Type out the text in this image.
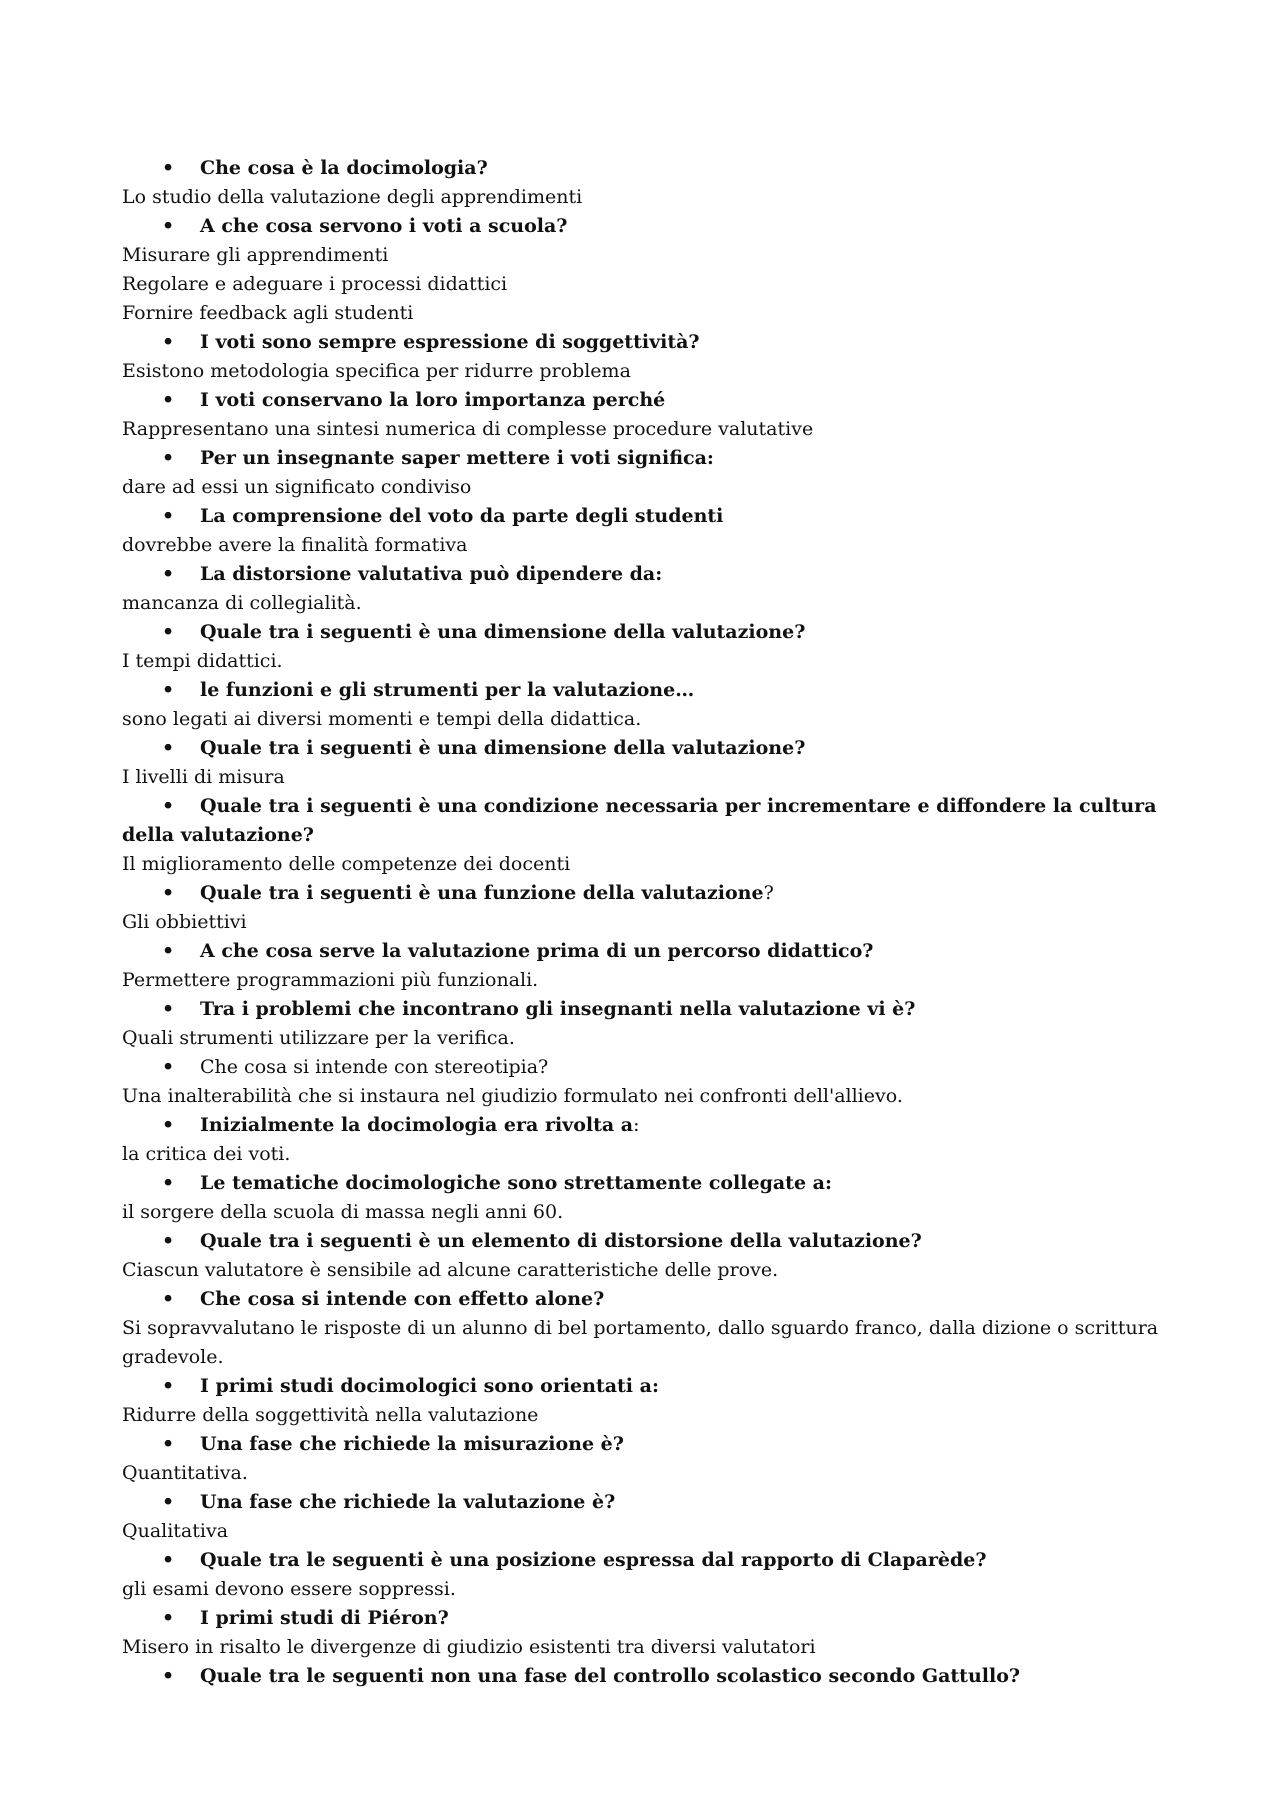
• Che cosa è la docimologia?
Lo studio della valutazione degli apprendimenti
• A che cosa servono i voti a scuola?
Misurare gli apprendimenti
Regolare e adeguare i processi didattici
Fornire feedback agli studenti
• I voti sono sempre espressione di soggettività?
Esistono metodologia specifica per ridurre problema
• I voti conservano la loro importanza perché
Rappresentano una sintesi numerica di complesse procedure valutative
• Per un insegnante saper mettere i voti significa:
dare ad essi un significato condiviso
• La comprensione del voto da parte degli studenti
dovrebbe avere la finalità formativa
• La distorsione valutativa può dipendere da:
mancanza di collegialità.
• Quale tra i seguenti è una dimensione della valutazione?
I tempi didattici.
• le funzioni e gli strumenti per la valutazione…
sono legati ai diversi momenti e tempi della didattica.
• Quale tra i seguenti è una dimensione della valutazione?
I livelli di misura
• Quale tra i seguenti è una condizione necessaria per incrementare e diffondere la cultura della valutazione?
Il miglioramento delle competenze dei docenti
• Quale tra i seguenti è una funzione della valutazione?
Gli obbiettivi
• A che cosa serve la valutazione prima di un percorso didattico?
Permettere programmazioni più funzionali.
• Tra i problemi che incontrano gli insegnanti nella valutazione vi è?
Quali strumenti utilizzare per la verifica.
• Che cosa si intende con stereotipia?
Una inalterabilità che si instaura nel giudizio formulato nei confronti dell'allievo.
• Inizialmente la docimologia era rivolta a:
la critica dei voti.
• Le tematiche docimologiche sono strettamente collegate a:
il sorgere della scuola di massa negli anni 60.
• Quale tra i seguenti è un elemento di distorsione della valutazione?
Ciascun valutatore è sensibile ad alcune caratteristiche delle prove.
• Che cosa si intende con effetto alone?
Si sopravvalutano le risposte di un alunno di bel portamento, dallo sguardo franco, dalla dizione o scrittura gradevole.
• I primi studi docimologici sono orientati a:
Ridurre della soggettività nella valutazione
• Una fase che richiede la misurazione è?
Quantitativa.
• Una fase che richiede la valutazione è?
Qualitativa
• Quale tra le seguenti è una posizione espressa dal rapporto di Claparède?
gli esami devono essere soppressi.
• I primi studi di Piéron?
Misero in risalto le divergenze di giudizio esistenti tra diversi valutatori
• Quale tra le seguenti non una fase del controllo scolastico secondo Gattullo?
